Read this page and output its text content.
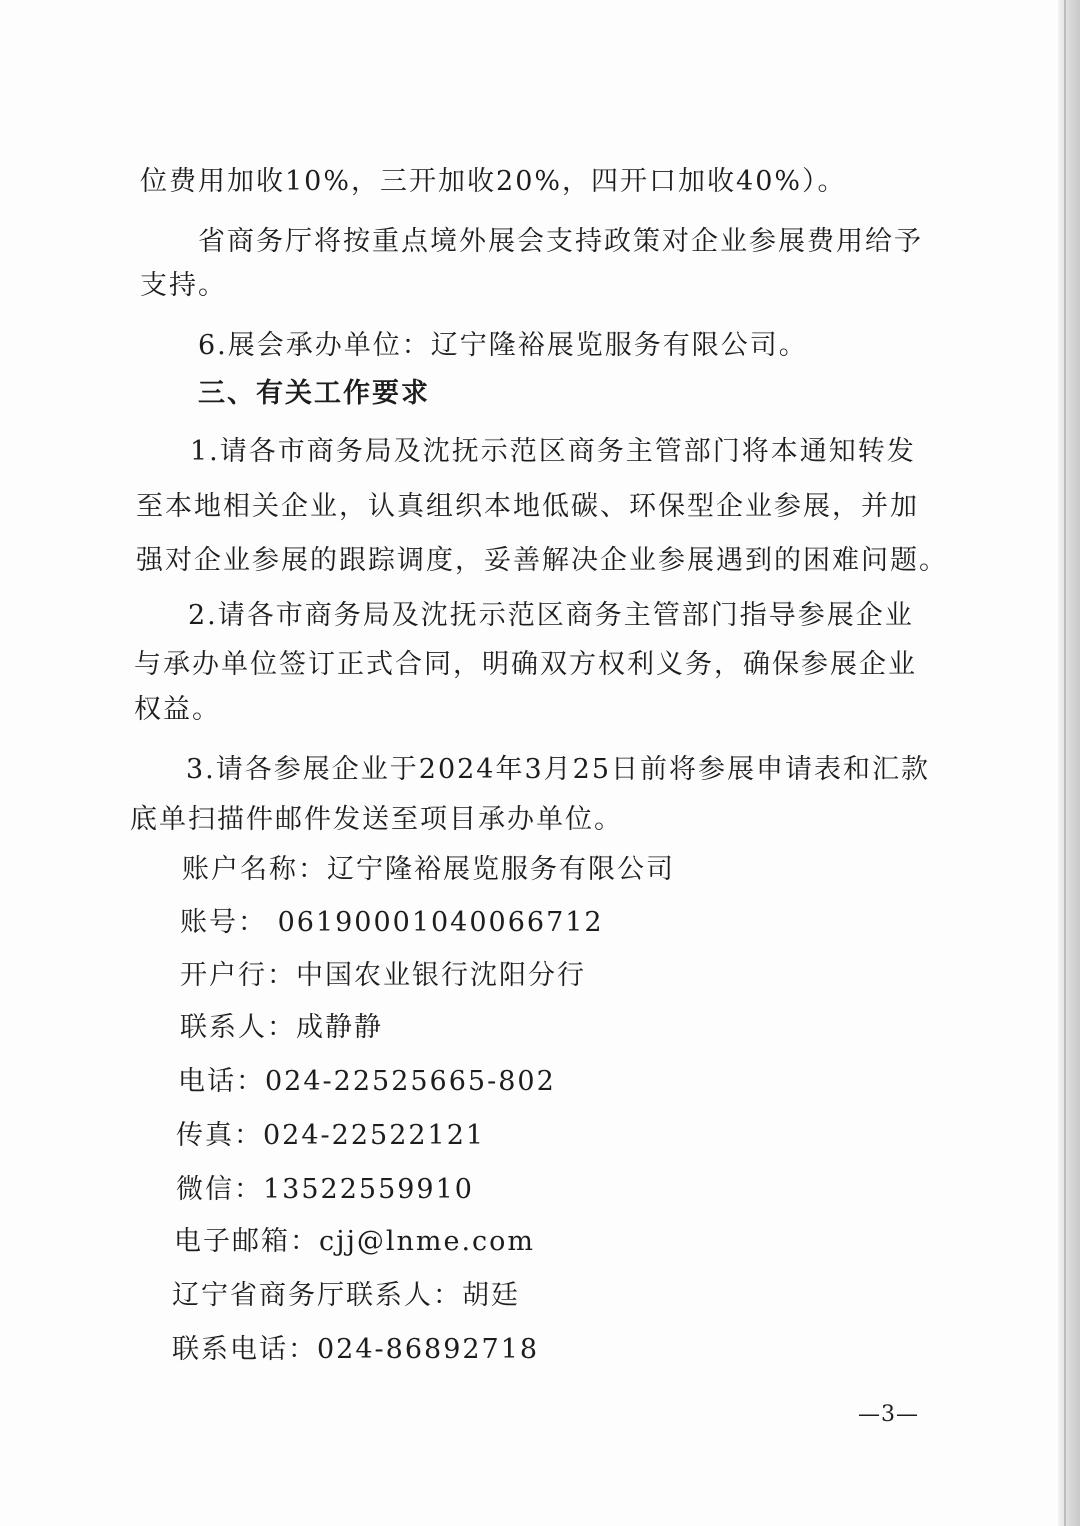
位费用加收10%，三开加收20%，四开口加收40%）。
省商务厅将按重点境外展会支持政策对企业参展费用给予
支持。
6.展会承办单位：辽宁隆裕展览服务有限公司。
三、有关工作要求
1.请各市商务局及沈抚示范区商务主管部门将本通知转发
至本地相关企业，认真组织本地低碳、环保型企业参展，并加
强对企业参展的跟踪调度，妥善解决企业参展遇到的困难问题。
2.请各市商务局及沈抚示范区商务主管部门指导参展企业
与承办单位签订正式合同，明确双方权利义务，确保参展企业
权益。
3.请各参展企业于2024年3月25日前将参展申请表和汇款
底单扫描件邮件发送至项目承办单位。
账户名称：辽宁隆裕展览服务有限公司
账号： 06190001040066712
开户行：中国农业银行沈阳分行
联系人：成静静
电话：024-22525665-802
传真：024-22522121
微信：13522559910
电子邮箱：cjj@lnme.com
辽宁省商务厅联系人：胡廷
联系电话：024-86892718
—3—
